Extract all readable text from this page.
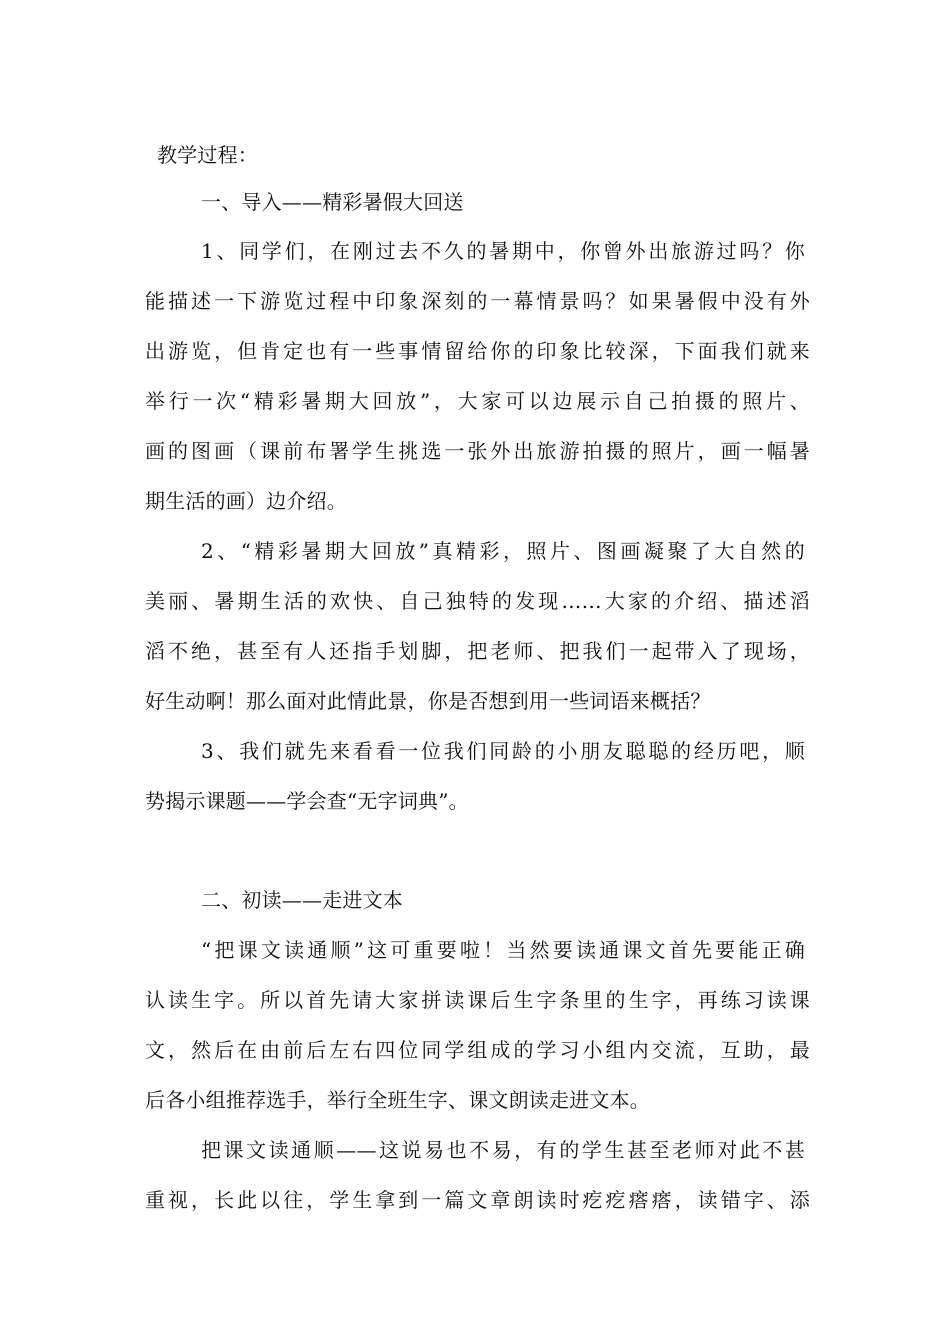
教学过程：
一、导入——精彩暑假大回送
1、同学们，在刚过去不久的暑期中，你曾外出旅游过吗？你
能描述一下游览过程中印象深刻的一幕情景吗？如果暑假中没有外
出游览，但肯定也有一些事情留给你的印象比较深，下面我们就来
举行一次“精彩暑期大回放”，大家可以边展示自己拍摄的照片、
画的图画（课前布署学生挑选一张外出旅游拍摄的照片，画一幅暑
期生活的画）边介绍。
2、“精彩暑期大回放”真精彩，照片、图画凝聚了大自然的
美丽、暑期生活的欢快、自己独特的发现……大家的介绍、描述滔
滔不绝，甚至有人还指手划脚，把老师、把我们一起带入了现场，
好生动啊！那么面对此情此景，你是否想到用一些词语来概括？
3、我们就先来看看一位我们同龄的小朋友聪聪的经历吧，顺
势揭示课题——学会查“无字词典”。
二、初读——走进文本
“把课文读通顺”这可重要啦！当然要读通课文首先要能正确
认读生字。所以首先请大家拼读课后生字条里的生字，再练习读课
文，然后在由前后左右四位同学组成的学习小组内交流，互助，最
后各小组推荐选手，举行全班生字、课文朗读走进文本。
把课文读通顺——这说易也不易，有的学生甚至老师对此不甚
重视，长此以往，学生拿到一篇文章朗读时疙疙瘩瘩，读错字、添
